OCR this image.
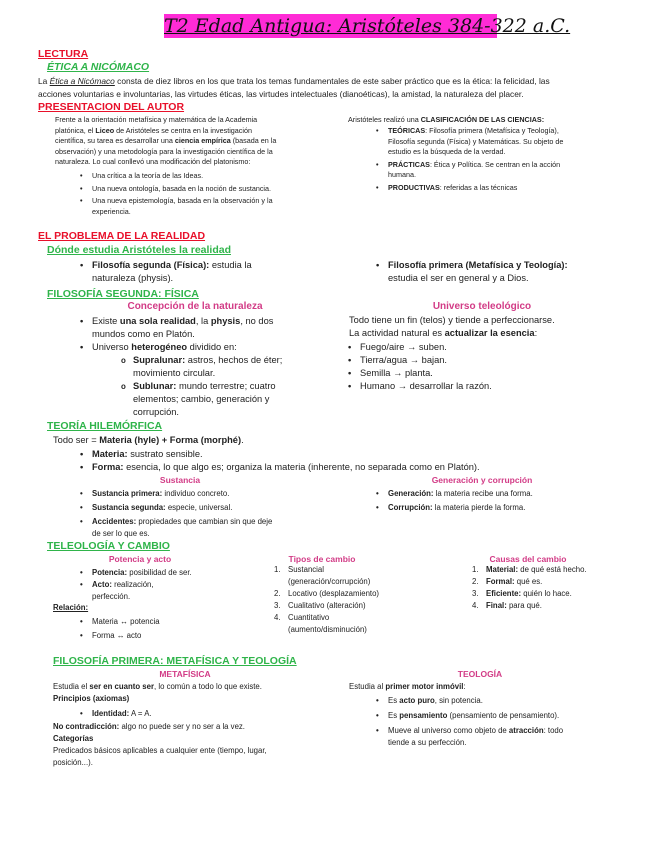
T2 Edad Antigua: Aristóteles 384-322 a.C.
LECTURA
ÉTICA A NICÓMACO
La Ética a Nicómaco consta de diez libros en los que trata los temas fundamentales de este saber práctico que es la ética: la felicidad, las
acciones voluntarias e involuntarias, las virtudes éticas, las virtudes intelectuales (dianoéticas), la amistad, la naturaleza del placer.
PRESENTACION DEL AUTOR
Frente a la orientación metafísica y matemática de la Academia
platónica, el Liceo de Aristóteles se centra en la investigación
científica, su tarea es desarrollar una ciencia empírica (basada en la
observación) y una metodología para la investigación científica de la
naturaleza. Lo cual conllevó una modificación del platonismo:
• Una crítica a la teoría de las Ideas.
• Una nueva ontología, basada en la noción de sustancia.
• Una nueva epistemología, basada en la observación y la
experiencia.
Aristóteles realizó una CLASIFICACIÓN DE LAS CIENCIAS:
• TEÓRICAS: Filosofía primera (Metafísica y Teología),
Filosofía segunda (Física) y Matemáticas. Su objeto de
estudio es la búsqueda de la verdad.
• PRÁCTICAS: Ética y Política. Se centran en la acción
humana.
• PRODUCTIVAS: referidas a las técnicas
EL PROBLEMA DE LA REALIDAD
Dónde estudia Aristóteles la realidad
• Filosofía segunda (Física): estudia la
naturaleza (physis).
• Filosofía primera (Metafísica y Teología):
estudia el ser en general y a Dios.
FILOSOFÍA SEGUNDA: FÍSICA
Concepción de la naturaleza
• Existe una sola realidad, la physis, no dos
mundos como en Platón.
• Universo heterogéneo dividido en:
o Supralunar: astros, hechos de éter;
movimiento circular.
o Sublunar: mundo terrestre; cuatro
elementos; cambio, generación y
corrupción.
Universo teleológico
Todo tiene un fin (telos) y tiende a perfeccionarse.
La actividad natural es actualizar la esencia:
• Fuego/aire → suben.
• Tierra/agua → bajan.
• Semilla → planta.
• Humano → desarrollar la razón.
TEORÍA HILEMÓRFICA
Todo ser = Materia (hyle) + Forma (morphé).
• Materia: sustrato sensible.
• Forma: esencia, lo que algo es; organiza la materia (inherente, no separada como en Platón).
Sustancia
• Sustancia primera: individuo concreto.
• Sustancia segunda: especie, universal.
• Accidentes: propiedades que cambian sin que deje
de ser lo que es.
Generación y corrupción
• Generación: la materia recibe una forma.
• Corrupción: la materia pierde la forma.
TELEOLOGÍA Y CAMBIO
Potencia y acto
• Potencia: posibilidad de ser.
• Acto: realización,
perfección.
Relación:
• Materia ↔ potencia
• Forma ↔ acto
Tipos de cambio
1. Sustancial
(generación/corrupción)
2. Locativo (desplazamiento)
3. Cualitativo (alteración)
4. Cuantitativo
(aumento/disminución)
Causas del cambio
1. Material: de qué está hecho.
2. Formal: qué es.
3. Eficiente: quién lo hace.
4. Final: para qué.
FILOSOFÍA PRIMERA: METAFÍSICA Y TEOLOGÍA
METAFÍSICA
Estudia el ser en cuanto ser, lo común a todo lo que existe.
Principios (axiomas)
• Identidad: A = A.
No contradicción: algo no puede ser y no ser a la vez.
Categorías
Predicados básicos aplicables a cualquier ente (tiempo, lugar,
posición...).
TEOLOGÍA
Estudia al primer motor inmóvil:
• Es acto puro, sin potencia.
• Es pensamiento (pensamiento de pensamiento).
• Mueve al universo como objeto de atracción: todo
tiende a su perfección.
